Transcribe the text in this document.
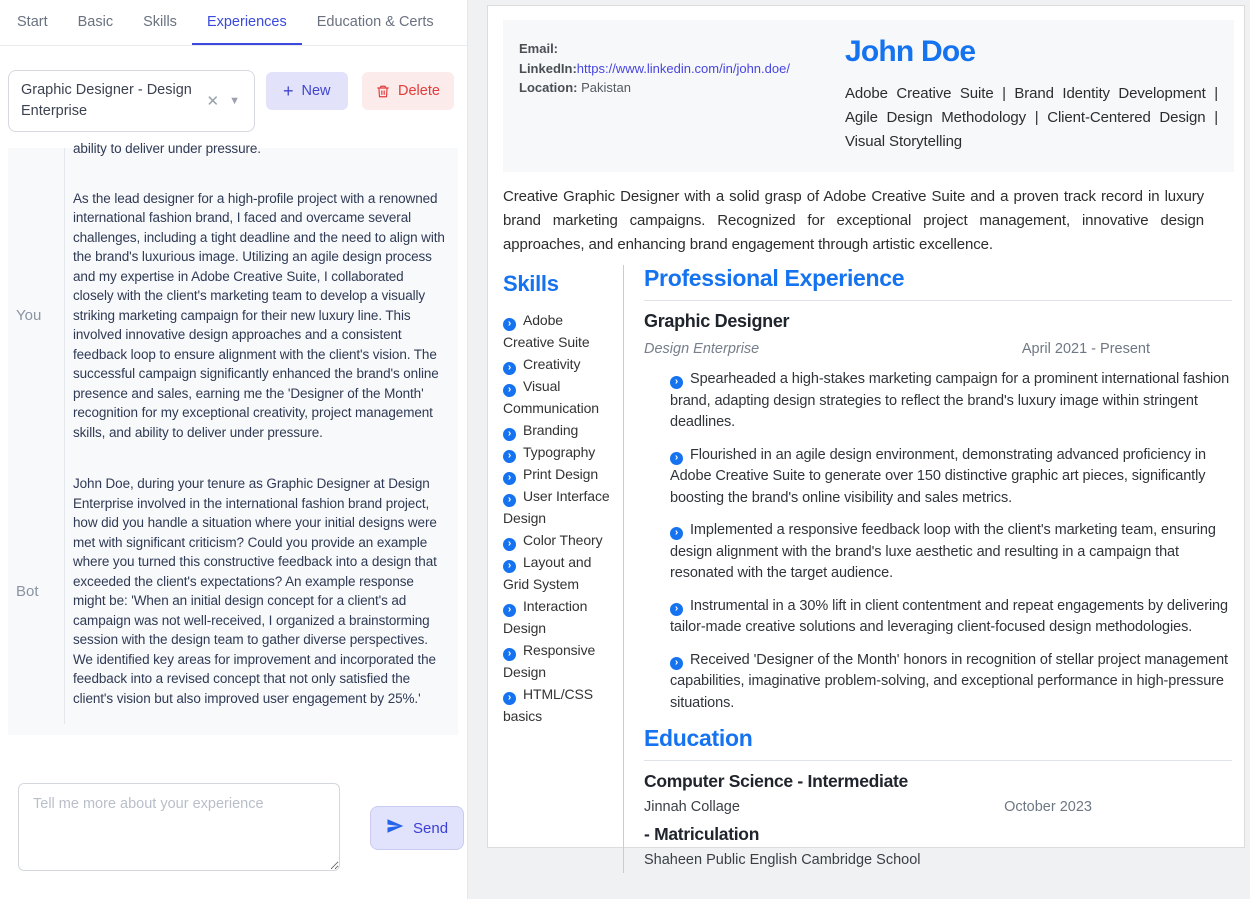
Start	Basic	Skills	Experiences	Education & Certs
Graphic Designer - Design Enterprise
✕ ▼ + New	Delete
ability to deliver under pressure.
You
As the lead designer for a high-profile project with a renowned international fashion brand, I faced and overcame several challenges, including a tight deadline and the need to align with the brand's luxurious image. Utilizing an agile design process and my expertise in Adobe Creative Suite, I collaborated closely with the client's marketing team to develop a visually striking marketing campaign for their new luxury line. This involved innovative design approaches and a consistent feedback loop to ensure alignment with the client's vision. The successful campaign significantly enhanced the brand's online presence and sales, earning me the 'Designer of the Month' recognition for my exceptional creativity, project management skills, and ability to deliver under pressure.
Bot
John Doe, during your tenure as Graphic Designer at Design Enterprise involved in the international fashion brand project, how did you handle a situation where your initial designs were met with significant criticism? Could you provide an example where you turned this constructive feedback into a design that exceeded the client's expectations? An example response might be: 'When an initial design concept for a client's ad campaign was not well-received, I organized a brainstorming session with the design team to gather diverse perspectives. We identified key areas for improvement and incorporated the feedback into a revised concept that not only satisfied the client's vision but also improved user engagement by 25%.'
Tell me more about your experience
Send
Email:
LinkedIn:https://www.linkedin.com/in/john.doe/
Location: Pakistan
John Doe
Adobe Creative Suite | Brand Identity Development | Agile Design Methodology | Client-Centered Design | Visual Storytelling

Creative Graphic Designer with a solid grasp of Adobe Creative Suite and a proven track record in luxury brand marketing campaigns. Recognized for exceptional project management, innovative design approaches, and enhancing brand engagement through artistic excellence.

Skills
›Adobe Creative Suite
›Creativity
›Visual Communication
›Branding
›Typography
›Print Design
›User Interface Design
›Color Theory
›Layout and Grid System
›Interaction Design
›Responsive Design
›HTML/CSS basics
Professional Experience
Graphic Designer
Design Enterprise	April 2021 - Present
›Spearheaded a high-stakes marketing campaign for a prominent international fashion brand, adapting design strategies to reflect the brand's luxury image within stringent deadlines.
›Flourished in an agile design environment, demonstrating advanced proficiency in Adobe Creative Suite to generate over 150 distinctive graphic art pieces, significantly boosting the brand's online visibility and sales metrics.
›Implemented a responsive feedback loop with the client's marketing team, ensuring design alignment with the brand's luxe aesthetic and resulting in a campaign that resonated with the target audience.
›Instrumental in a 30% lift in client contentment and repeat engagements by delivering tailor-made creative solutions and leveraging client-focused design methodologies.
›Received 'Designer of the Month' honors in recognition of stellar project management capabilities, imaginative problem-solving, and exceptional performance in high-pressure situations.
Education
Computer Science - Intermediate
Jinnah Collage	October 2023
- Matriculation
Shaheen Public English Cambridge School
